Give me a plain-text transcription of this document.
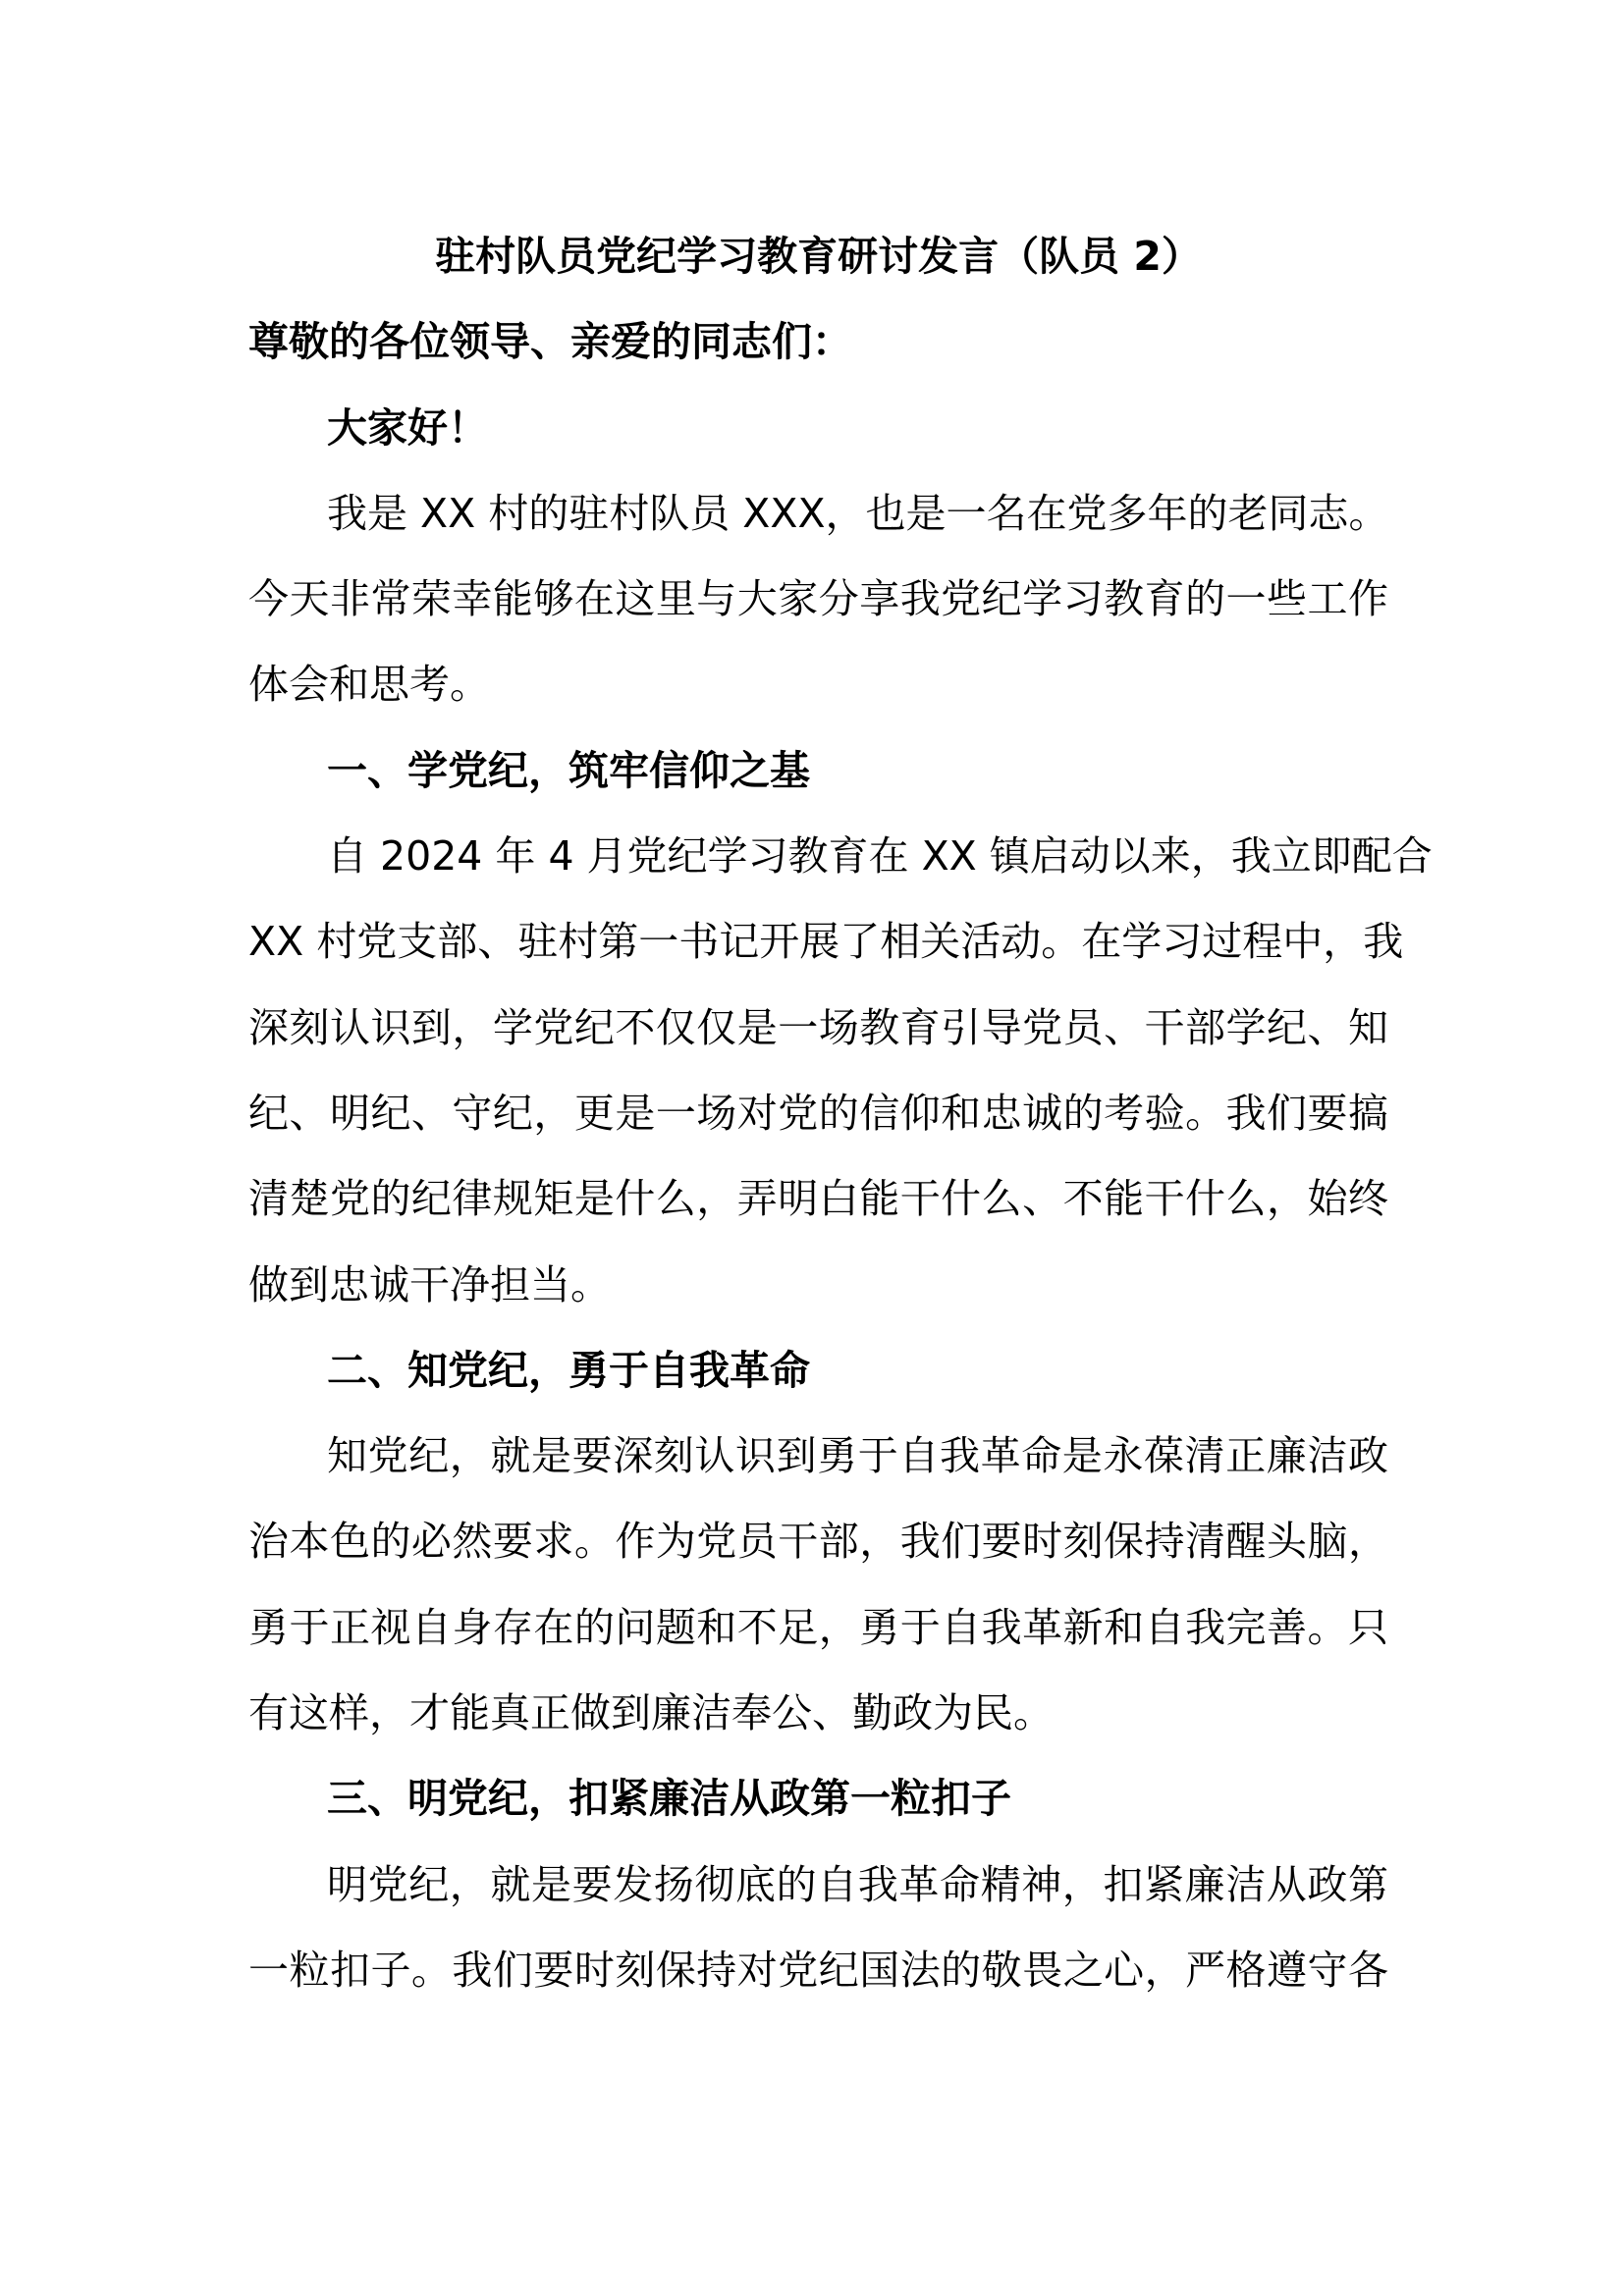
驻村队员党纪学习教育研讨发言（队员 2）
尊敬的各位领导、亲爱的同志们：
大家好！
我是 XX 村的驻村队员 XXX，也是一名在党多年的老同志。
今天非常荣幸能够在这里与大家分享我党纪学习教育的一些工作
体会和思考。
一、学党纪，筑牢信仰之基
自 2024 年 4 月党纪学习教育在 XX 镇启动以来，我立即配合
XX 村党支部、驻村第一书记开展了相关活动。在学习过程中，我
深刻认识到，学党纪不仅仅是一场教育引导党员、干部学纪、知
纪、明纪、守纪，更是一场对党的信仰和忠诚的考验。我们要搞
清楚党的纪律规矩是什么，弄明白能干什么、不能干什么，始终
做到忠诚干净担当。
二、知党纪，勇于自我革命
知党纪，就是要深刻认识到勇于自我革命是永葆清正廉洁政
治本色的必然要求。作为党员干部，我们要时刻保持清醒头脑，
勇于正视自身存在的问题和不足，勇于自我革新和自我完善。只
有这样，才能真正做到廉洁奉公、勤政为民。
三、明党纪，扣紧廉洁从政第一粒扣子
明党纪，就是要发扬彻底的自我革命精神，扣紧廉洁从政第
一粒扣子。我们要时刻保持对党纪国法的敬畏之心，严格遵守各
